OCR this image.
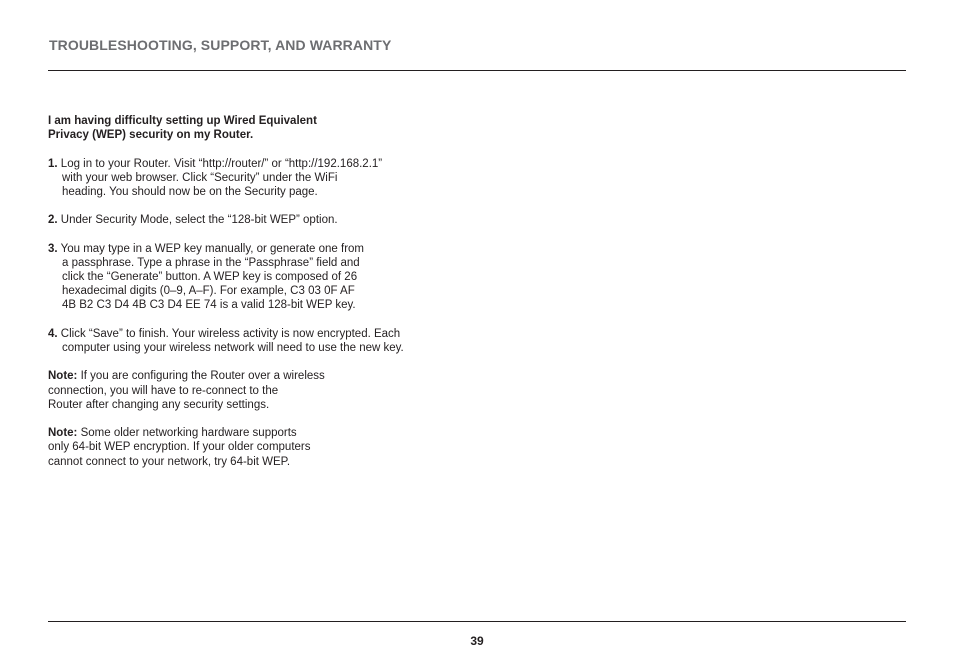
TROUBLESHOOTING, SUPPORT, AND WARRANTY
I am having difficulty setting up Wired Equivalent
Privacy (WEP) security on my Router.
1. Log in to your Router. Visit “http://router/” or “http://192.168.2.1”
with your web browser. Click “Security” under the WiFi
heading. You should now be on the Security page.
2. Under Security Mode, select the “128-bit WEP” option.
3. You may type in a WEP key manually, or generate one from
a passphrase. Type a phrase in the “Passphrase” field and
click the “Generate” button. A WEP key is composed of 26
hexadecimal digits (0–9, A–F). For example, C3 03 0F AF
4B B2 C3 D4 4B C3 D4 EE 74 is a valid 128-bit WEP key.
4. Click “Save” to finish. Your wireless activity is now encrypted. Each
computer using your wireless network will need to use the new key.
Note: If you are configuring the Router over a wireless
connection, you will have to re-connect to the
Router after changing any security settings.
Note: Some older networking hardware supports
only 64-bit WEP encryption. If your older computers
cannot connect to your network, try 64-bit WEP.
39
